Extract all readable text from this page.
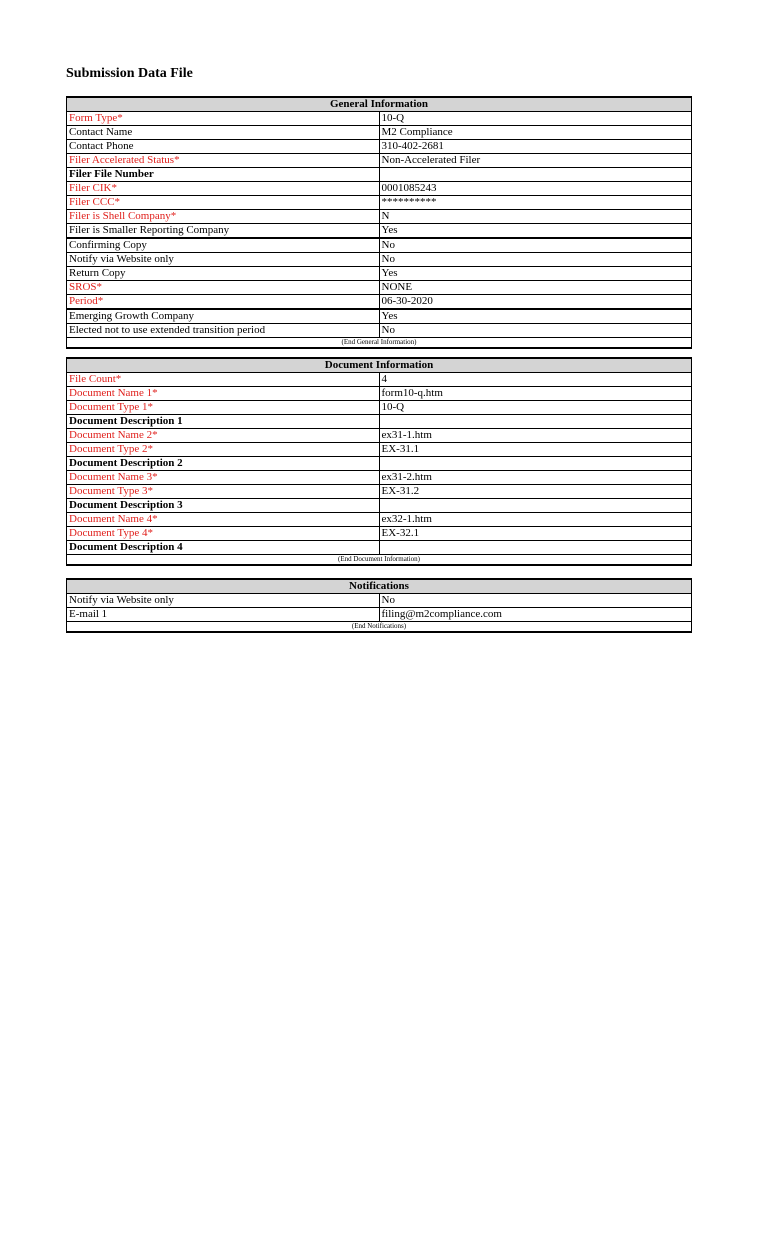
Submission Data File
General Information	
Form Type*	10-Q
Contact Name	M2 Compliance
Contact Phone	310-402-2681
Filer Accelerated Status*	Non-Accelerated Filer
Filer File Number	
Filer CIK*	0001085243
Filer CCC*	**********
Filer is Shell Company*	N
Filer is Smaller Reporting Company	Yes
Confirming Copy	No
Notify via Website only	No
Return Copy	Yes
SROS*	NONE
Period*	06-30-2020
Emerging Growth Company	Yes
Elected not to use extended transition period	No
(End General Information)	
Document Information	
File Count*	4
Document Name 1*	form10-q.htm
Document Type 1*	10-Q
Document Description 1	
Document Name 2*	ex31-1.htm
Document Type 2*	EX-31.1
Document Description 2	
Document Name 3*	ex31-2.htm
Document Type 3*	EX-31.2
Document Description 3	
Document Name 4*	ex32-1.htm
Document Type 4*	EX-32.1
Document Description 4	
(End Document Information)	
Notifications	
Notify via Website only	No
E-mail 1	filing@m2compliance.com
(End Notifications)	
